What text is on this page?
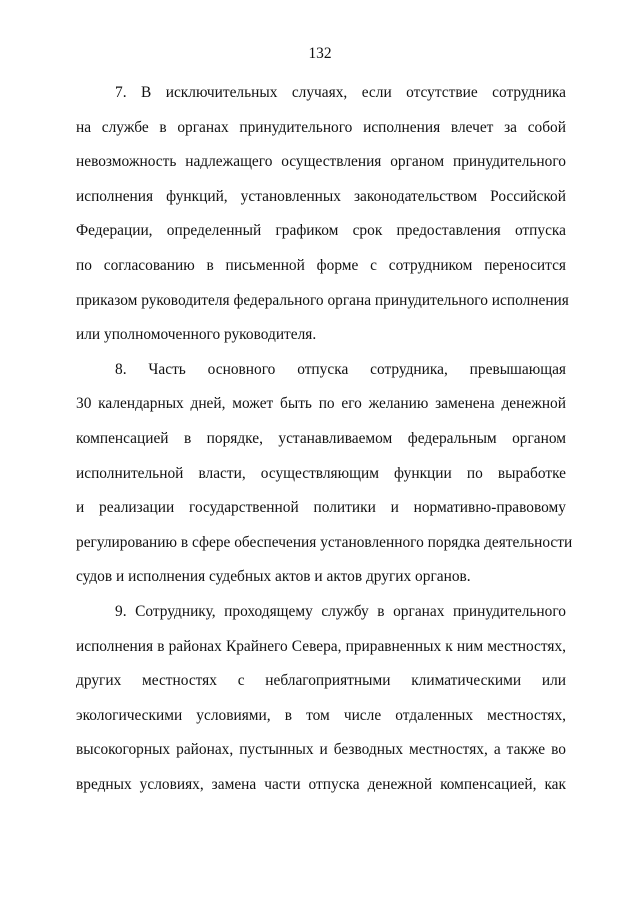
132
7. В исключительных случаях, если отсутствие сотрудника
на службе в органах принудительного исполнения влечет за собой
невозможность надлежащего осуществления органом принудительного
исполнения функций, установленных законодательством Российской
Федерации, определенный графиком срок предоставления отпуска
по согласованию в письменной форме с сотрудником переносится
приказом руководителя федерального органа принудительного исполнения
или уполномоченного руководителя.
8. Часть основного отпуска сотрудника, превышающая
30 календарных дней, может быть по его желанию заменена денежной
компенсацией в порядке, устанавливаемом федеральным органом
исполнительной власти, осуществляющим функции по выработке
и реализации государственной политики и нормативно-правовому
регулированию в сфере обеспечения установленного порядка деятельности
судов и исполнения судебных актов и актов других органов.
9. Сотруднику, проходящему службу в органах принудительного
исполнения в районах Крайнего Севера, приравненных к ним местностях,
других местностях с неблагоприятными климатическими или
экологическими условиями, в том числе отдаленных местностях,
высокогорных районах, пустынных и безводных местностях, а также во
вредных условиях, замена части отпуска денежной компенсацией, как
